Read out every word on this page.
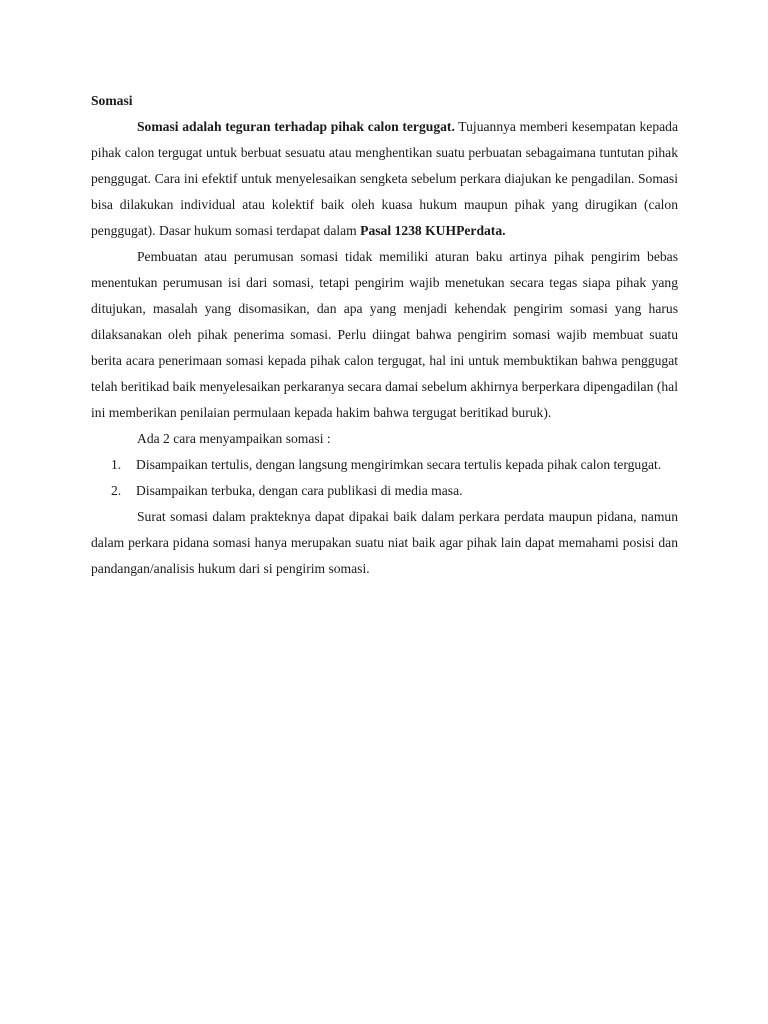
Somasi

Somasi adalah teguran terhadap pihak calon tergugat. Tujuannya memberi kesempatan kepada pihak calon tergugat untuk berbuat sesuatu atau menghentikan suatu perbuatan sebagaimana tuntutan pihak penggugat. Cara ini efektif untuk menyelesaikan sengketa sebelum perkara diajukan ke pengadilan. Somasi bisa dilakukan individual atau kolektif baik oleh kuasa hukum maupun pihak yang dirugikan (calon penggugat). Dasar hukum somasi terdapat dalam Pasal 1238 KUHPerdata.

Pembuatan atau perumusan somasi tidak memiliki aturan baku artinya pihak pengirim bebas menentukan perumusan isi dari somasi, tetapi pengirim wajib menetukan secara tegas siapa pihak yang ditujukan, masalah yang disomasikan, dan apa yang menjadi kehendak pengirim somasi yang harus dilaksanakan oleh pihak penerima somasi. Perlu diingat bahwa pengirim somasi wajib membuat suatu berita acara penerimaan somasi kepada pihak calon tergugat, hal ini untuk membuktikan bahwa penggugat telah beritikad baik menyelesaikan perkaranya secara damai sebelum akhirnya berperkara dipengadilan (hal ini memberikan penilaian permulaan kepada hakim bahwa tergugat beritikad buruk).

Ada 2 cara menyampaikan somasi :

1. Disampaikan tertulis, dengan langsung mengirimkan secara tertulis kepada pihak calon tergugat.
2. Disampaikan terbuka, dengan cara publikasi di media masa.

Surat somasi dalam prakteknya dapat dipakai baik dalam perkara perdata maupun pidana, namun dalam perkara pidana somasi hanya merupakan suatu niat baik agar pihak lain dapat memahami posisi dan pandangan/analisis hukum dari si pengirim somasi.
